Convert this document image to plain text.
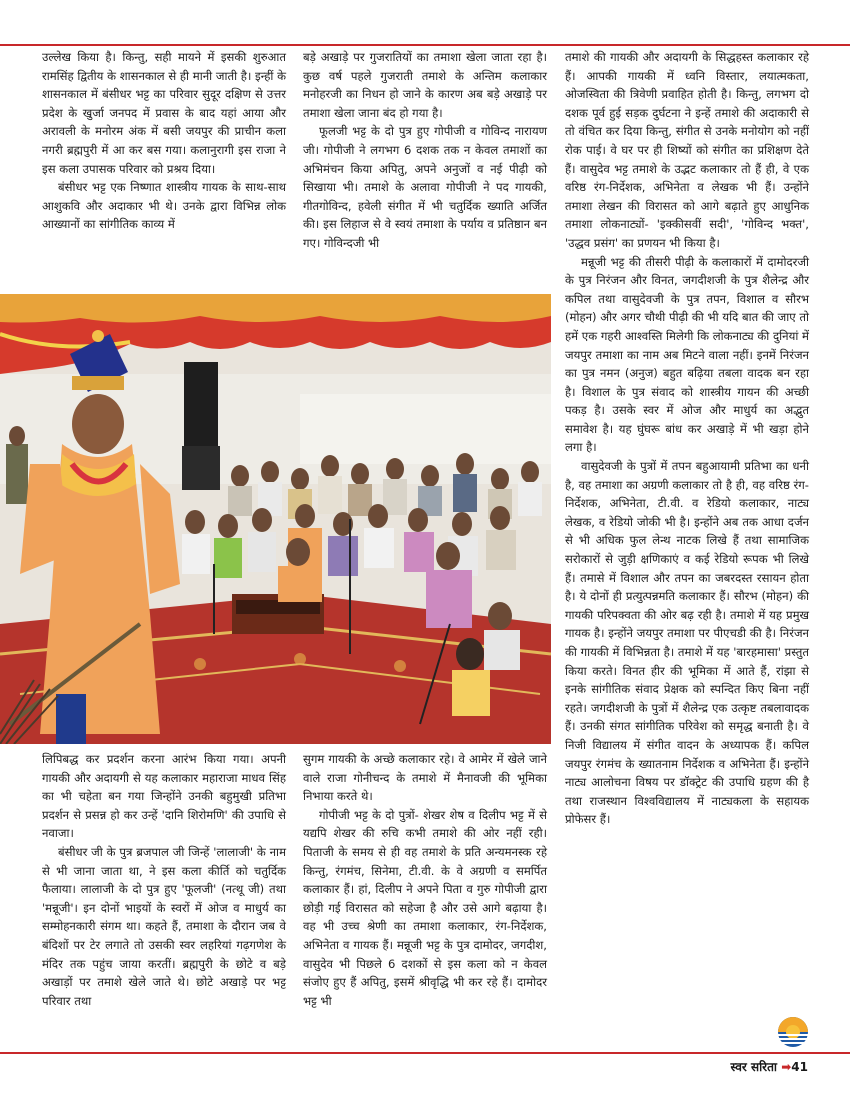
उल्लेख किया है। किन्तु, सही मायने में इसकी शुरुआत रामसिंह द्वितीय के शासनकाल से ही मानी जाती है। इन्हीं के शासनकाल में बंसीधर भट्ट का परिवार सुदूर दक्षिण से उत्तर प्रदेश के खुर्जा जनपद में प्रवास के बाद यहां आया और अरावली के मनोरम अंक में बसी जयपुर की प्राचीन कला नगरी ब्रह्मपुरी में आ कर बस गया। कलानुरागी इस राजा ने इस कला उपासक परिवार को प्रश्रय दिया।

बंसीधर भट्ट एक निष्णात शास्त्रीय गायक के साथ-साथ आशुकवि और अदाकार भी थे। उनके द्वारा विभिन्न लोक आख्यानों का सांगीतिक काव्य में

बड़े अखाड़े पर गुजरातियों का तमाशा खेला जाता रहा है। कुछ वर्ष पहले गुजराती तमाशे के अन्तिम कलाकार मनोहरजी का निधन हो जाने के कारण अब बड़े अखाड़े पर तमाशा खेला जाना बंद हो गया है।

फूलजी भट्ट के दो पुत्र हुए गोपीजी व गोविन्द नारायण जी। गोपीजी ने लगभग 6 दशक तक न केवल तमाशों का अभिमंचन किया अपितु, अपने अनुजों व नई पीढ़ी को सिखाया भी। तमाशे के अलावा गोपीजी ने पद गायकी, गीतगोविन्द, हवेली संगीत में भी चतुर्दिक ख्याति अर्जित की। इस लिहाज से वे स्वयं तमाशा के पर्याय व प्रतिष्ठान बन गए। गोविन्दजी भी

तमाशे की गायकी और अदायगी के सिद्धहस्त कलाकार रहे हैं। आपकी गायकी में ध्वनि विस्तार, लयात्मकता, ओजस्विता की त्रिवेणी प्रवाहित होती है। किन्तु, लगभग दो दशक पूर्व हुई सड़क दुर्घटना ने इन्हें तमाशे की अदाकारी से तो वंचित कर दिया किन्तु, संगीत से उनके मनोयोग को नहीं रोक पाई। वे घर पर ही शिष्यों को संगीत का प्रशिक्षण देते हैं। वासुदेव भट्ट तमाशे के उद्भट कलाकार तो हैं ही, वे एक वरिष्ठ रंग-निर्देशक, अभिनेता व लेखक भी हैं। उन्होंने तमाशा लेखन की विरासत को आगे बढ़ाते हुए आधुनिक तमाशा लोकनाट्यों- 'इक्कीसवीं सदी', 'गोविन्द भक्त', 'उद्धव प्रसंग' का प्रणयन भी किया है।

मन्नूजी भट्ट की तीसरी पीढ़ी के कलाकारों में दामोदरजी के पुत्र निरंजन और विनत, जगदीशजी के पुत्र शैलेन्द्र और कपिल तथा वासुदेवजी के पुत्र तपन, विशाल व सौरभ (मोहन) और अगर चौथी पीढ़ी की भी यदि बात की जाए तो हमें एक गहरी आश्वस्ति मिलेगी कि लोकनाट्य की दुनियां में जयपुर तमाशा का नाम अब मिटने वाला नहीं। इनमें निरंजन का पुत्र नमन (अनुज) बहुत बढ़िया तबला वादक बन रहा है। विशाल के पुत्र संवाद को शास्त्रीय गायन की अच्छी पकड़ है। उसके स्वर में ओज और माधुर्य का अद्भुत समावेश है। यह घुंघरू बांध कर अखाड़े में भी खड़ा होने लगा है।

वासुदेवजी के पुत्रों में तपन बहुआयामी प्रतिभा का धनी है, वह तमाशा का अग्रणी कलाकार तो है ही, वह वरिष्ठ रंग-निर्देशक, अभिनेता, टी.वी. व रेडियो कलाकार, नाट्य लेखक, व रेडियो जोकी भी है। इन्होंने अब तक आधा दर्जन से भी अधिक फुल लेन्थ नाटक लिखे हैं तथा सामाजिक सरोकारों से जुड़ी क्षणिकाएं व कई रेडियो रूपक भी लिखे हैं। तमासे में विशाल और तपन का जबरदस्त रसायन होता है। ये दोनों ही प्रत्युत्पन्नमति कलाकार हैं। सौरभ (मोहन) की गायकी परिपक्वता की ओर बढ़ रही है। तमाशे में यह प्रमुख गायक है। इन्होंने जयपुर तमाशा पर पीएचडी की है। निरंजन की गायकी में विभिन्नता है। तमाशे में यह 'बारहमासा' प्रस्तुत किया करते। विनत हीर की भूमिका में आते हैं, रांझा से इनके सांगीतिक संवाद प्रेक्षक को स्पन्दित किए बिना नहीं रहते। जगदीशजी के पुत्रों में शैलेन्द्र एक उत्कृष्ट तबलावादक हैं। उनकी संगत सांगीतिक परिवेश को समृद्ध बनाती है। वे निजी विद्यालय में संगीत वादन के अध्यापक हैं। कपिल जयपुर रंगमंच के ख्यातनाम निर्देशक व अभिनेता हैं। इन्होंने नाट्य आलोचना विषय पर डॉक्ट्रेट की उपाधि ग्रहण की है तथा राजस्थान विश्वविद्यालय में नाट्यकला के सहायक प्रोफेसर हैं।

लिपिबद्ध कर प्रदर्शन करना आरंभ किया गया। अपनी गायकी और अदायगी से यह कलाकार महाराजा माधव सिंह का भी चहेता बन गया जिन्होंने उनकी बहुमुखी प्रतिभा प्रदर्शन से प्रसन्न हो कर उन्हें 'दानि शिरोमणि' की उपाधि से नवाजा।

बंसीधर जी के पुत्र ब्रजपाल जी जिन्हें 'लालाजी' के नाम से भी जाना जाता था, ने इस कला कीर्ति को चतुर्दिक फैलाया। लालाजी के दो पुत्र हुए 'फूलजी' (नत्थू जी) तथा 'मन्नूजी'। इन दोनों भाइयों के स्वरों में ओज व माधुर्य का सम्मोहनकारी संगम था। कहते हैं, तमाशा के दौरान जब वे बंदिशों पर टेर लगाते तो उसकी स्वर लहरियां गढ़गणेश के मंदिर तक पहुंच जाया करतीं। ब्रह्मपुरी के छोटे व बड़े अखाड़ों पर तमाशे खेले जाते थे। छोटे अखाड़े पर भट्ट परिवार तथा

सुगम गायकी के अच्छे कलाकार रहे। वे आमेर में खेले जाने वाले राजा गोनीचन्द के तमाशे में मैनावजी की भूमिका निभाया करते थे।

गोपीजी भट्ट के दो पुत्रों- शेखर शेष व दिलीप भट्ट में से यद्यपि शेखर की रुचि कभी तमाशे की ओर नहीं रही। पिताजी के समय से ही वह तमाशे के प्रति अन्यमनस्क रहे किन्तु, रंगमंच, सिनेमा, टी.वी. के वे अग्रणी व समर्पित कलाकार हैं। हां, दिलीप ने अपने पिता व गुरु गोपीजी द्वारा छोड़ी गई विरासत को सहेजा है और उसे आगे बढ़ाया है। वह भी उच्च श्रेणी का तमाशा कलाकार, रंग-निर्देशक, अभिनेता व गायक हैं। मन्नूजी भट्ट के पुत्र दामोदर, जगदीश, वासुदेव भी पिछले 6 दशकों से इस कला को न केवल संजोए हुए हैं अपितु, इसमें श्रीवृद्धि भी कर रहे हैं। दामोदर भट्ट भी

स्वर सरिता ➡41
